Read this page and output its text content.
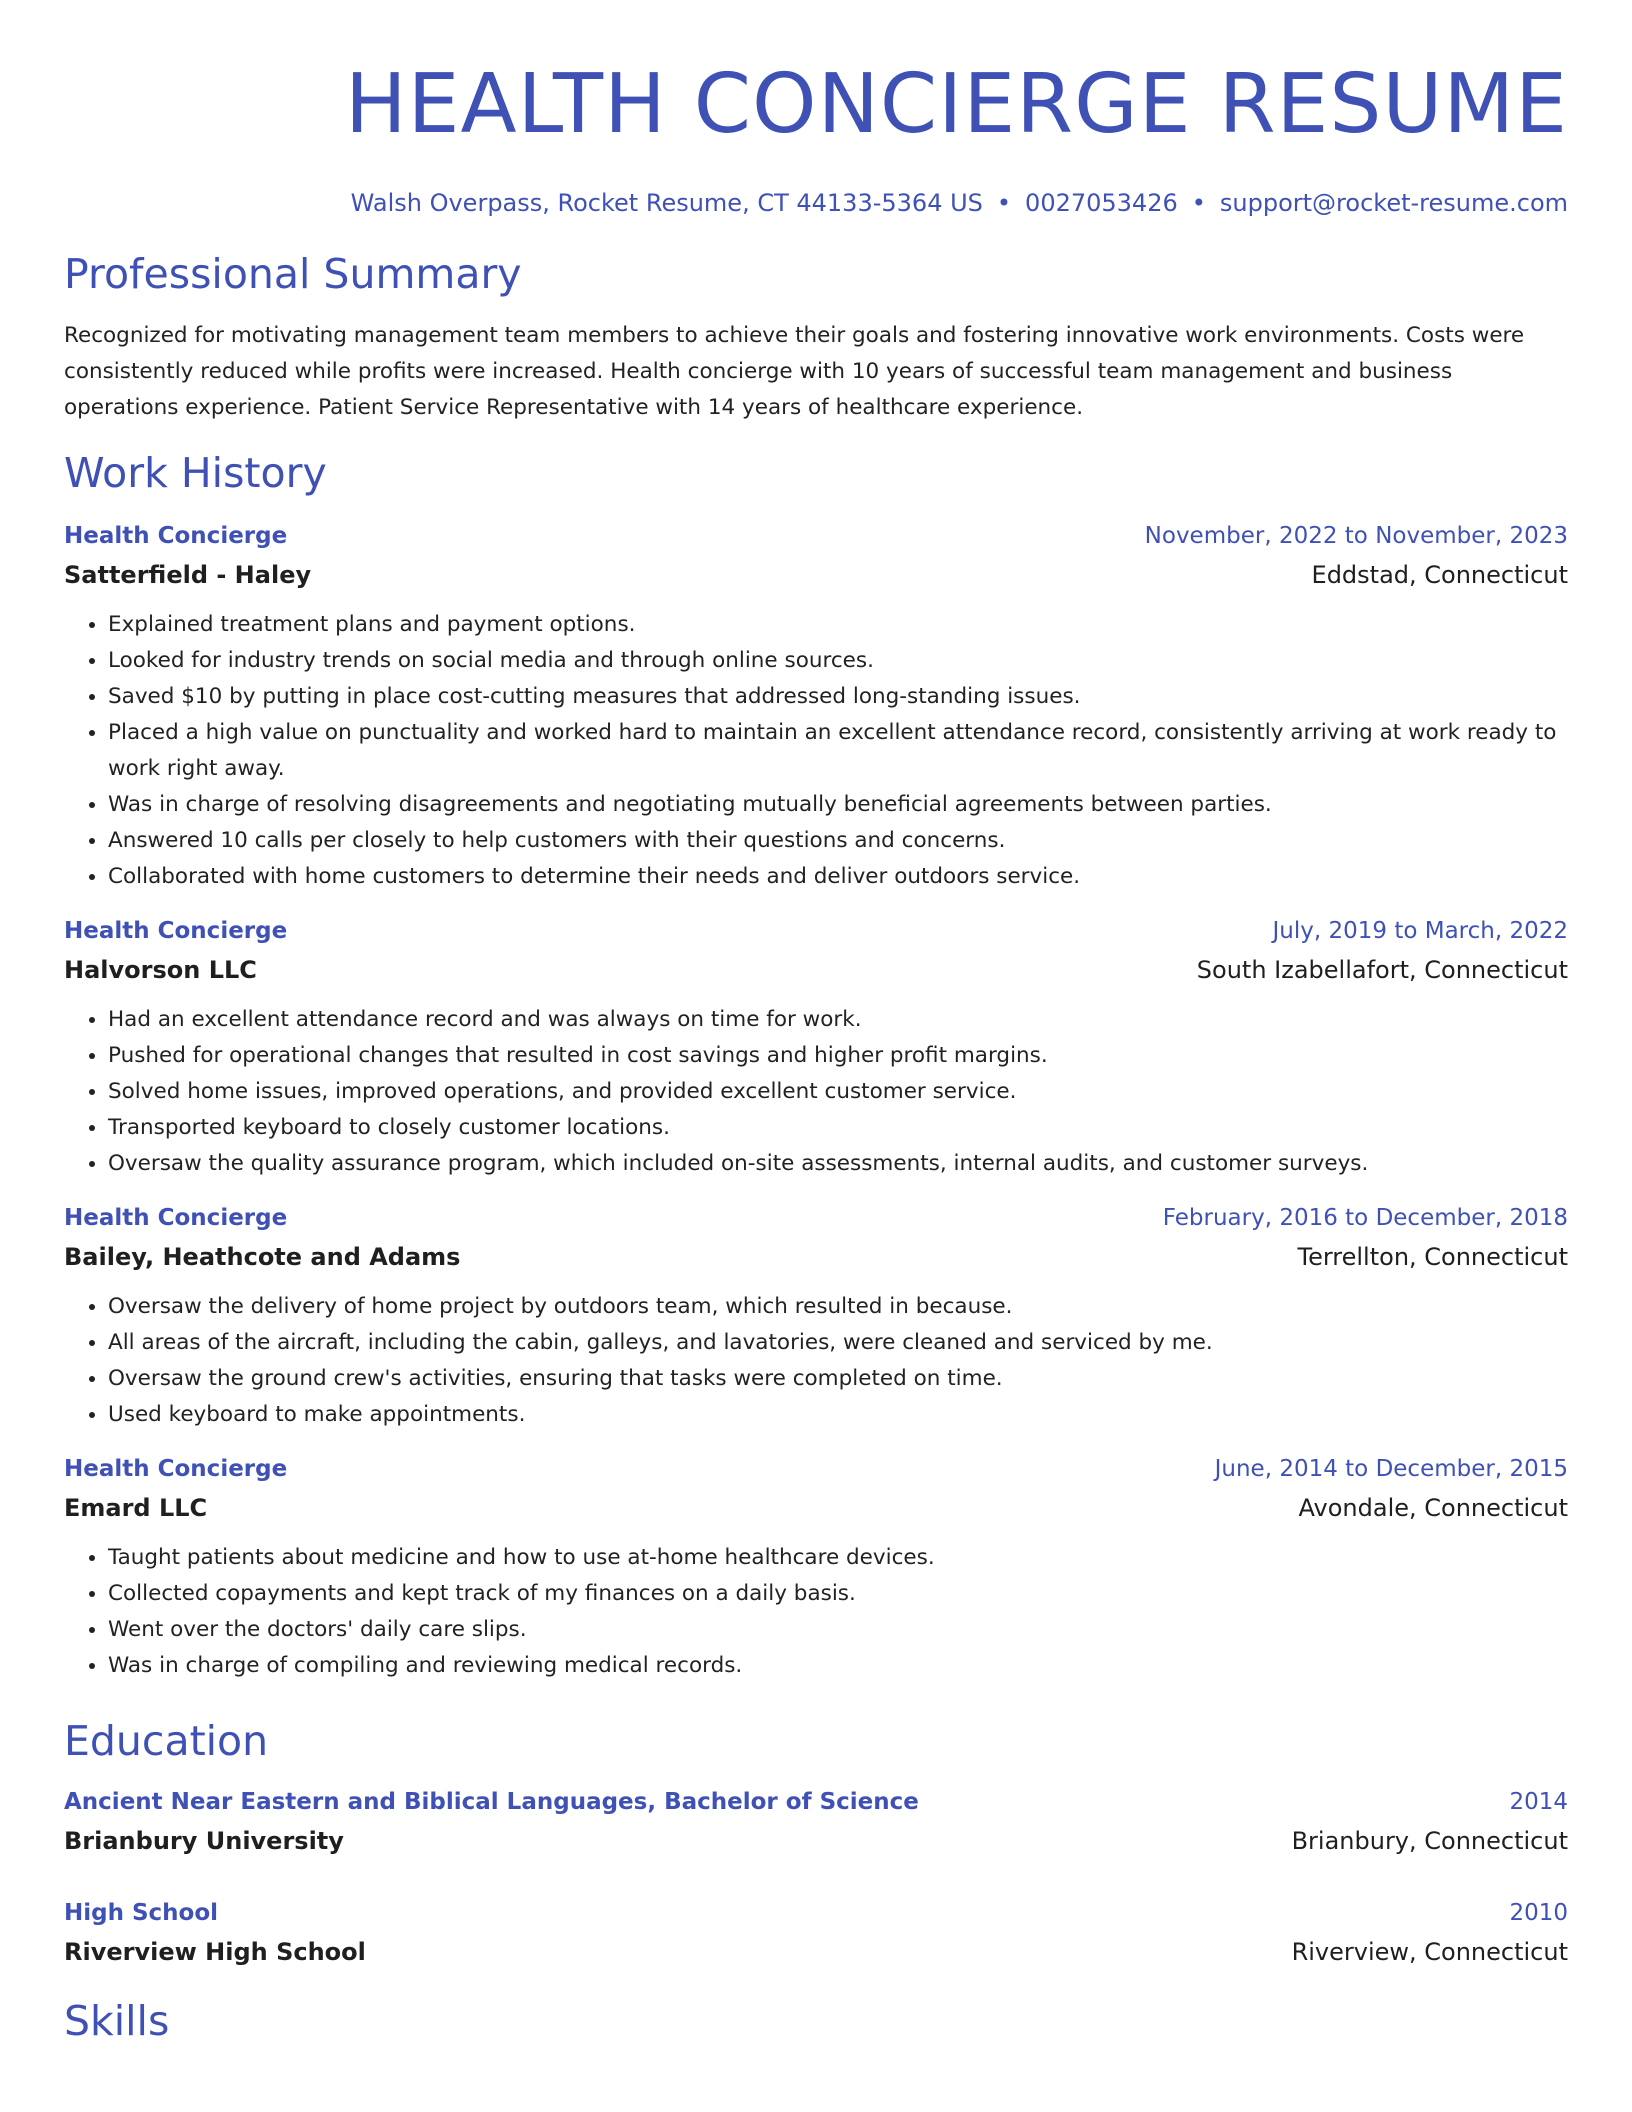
HEALTH CONCIERGE RESUME
Walsh Overpass, Rocket Resume, CT 44133-5364 US • 0027053426 • support@rocket-resume.com
Professional Summary
Recognized for motivating management team members to achieve their goals and fostering innovative work environments. Costs were consistently reduced while profits were increased. Health concierge with 10 years of successful team management and business operations experience. Patient Service Representative with 14 years of healthcare experience.
Work History
Health Concierge	November, 2022 to November, 2023
Satterfield - Haley	Eddstad, Connecticut
• Explained treatment plans and payment options.
• Looked for industry trends on social media and through online sources.
• Saved $10 by putting in place cost-cutting measures that addressed long-standing issues.
• Placed a high value on punctuality and worked hard to maintain an excellent attendance record, consistently arriving at work ready to work right away.
• Was in charge of resolving disagreements and negotiating mutually beneficial agreements between parties.
• Answered 10 calls per closely to help customers with their questions and concerns.
• Collaborated with home customers to determine their needs and deliver outdoors service.
Health Concierge	July, 2019 to March, 2022
Halvorson LLC	South Izabellafort, Connecticut
• Had an excellent attendance record and was always on time for work.
• Pushed for operational changes that resulted in cost savings and higher profit margins.
• Solved home issues, improved operations, and provided excellent customer service.
• Transported keyboard to closely customer locations.
• Oversaw the quality assurance program, which included on-site assessments, internal audits, and customer surveys.
Health Concierge	February, 2016 to December, 2018
Bailey, Heathcote and Adams	Terrellton, Connecticut
• Oversaw the delivery of home project by outdoors team, which resulted in because.
• All areas of the aircraft, including the cabin, galleys, and lavatories, were cleaned and serviced by me.
• Oversaw the ground crew's activities, ensuring that tasks were completed on time.
• Used keyboard to make appointments.
Health Concierge	June, 2014 to December, 2015
Emard LLC	Avondale, Connecticut
• Taught patients about medicine and how to use at-home healthcare devices.
• Collected copayments and kept track of my finances on a daily basis.
• Went over the doctors' daily care slips.
• Was in charge of compiling and reviewing medical records.
Education
Ancient Near Eastern and Biblical Languages, Bachelor of Science	2014
Brianbury University	Brianbury, Connecticut
High School	2010
Riverview High School	Riverview, Connecticut
Skills
